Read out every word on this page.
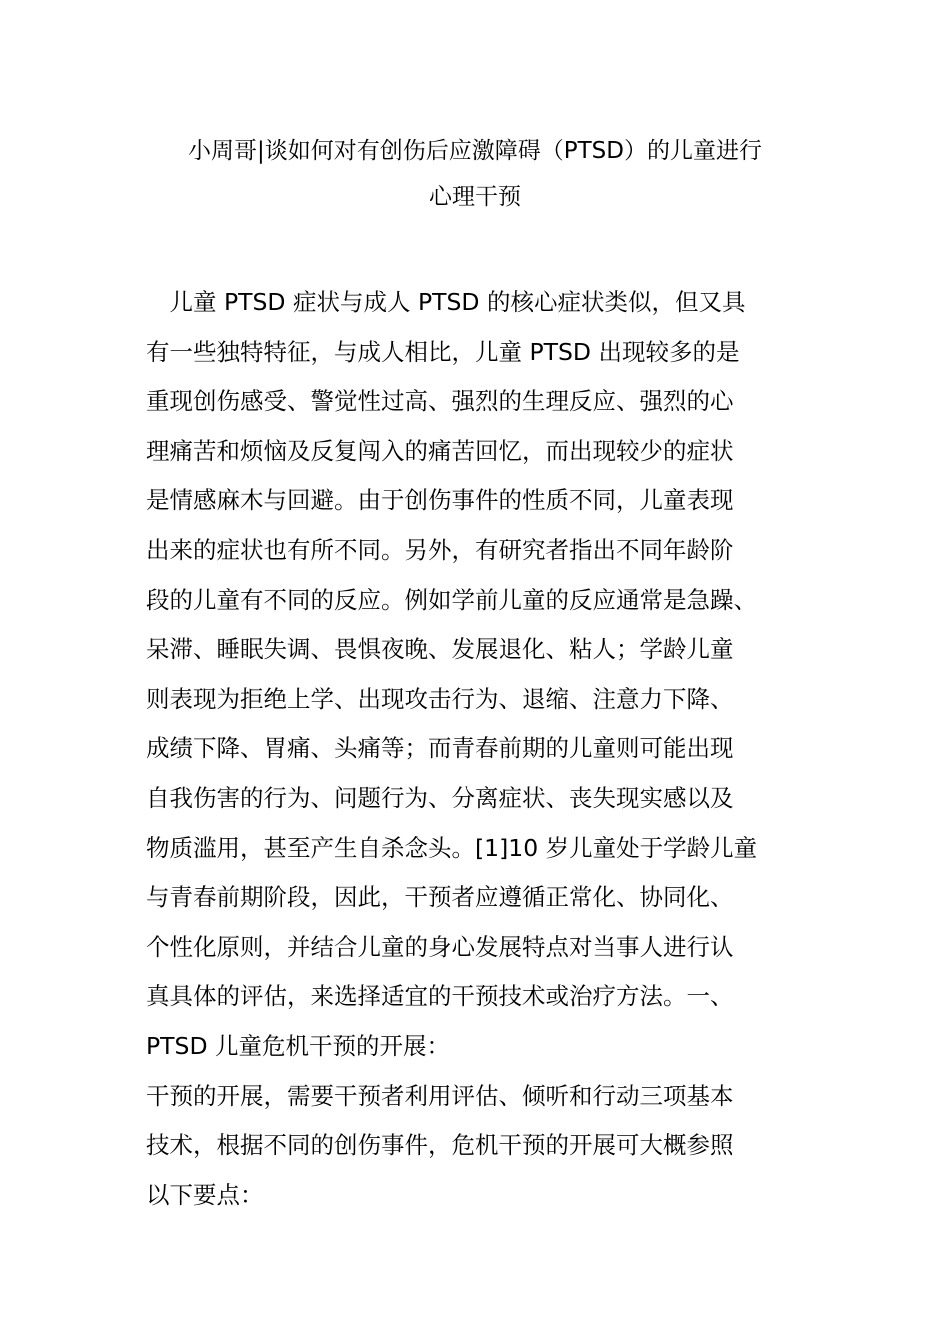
小周哥|谈如何对有创伤后应激障碍（PTSD）的儿童进行
心理干预
　儿童 PTSD 症状与成人 PTSD 的核心症状类似，但又具
有一些独特特征，与成人相比，儿童 PTSD 出现较多的是
重现创伤感受、警觉性过高、强烈的生理反应、强烈的心
理痛苦和烦恼及反复闯入的痛苦回忆，而出现较少的症状
是情感麻木与回避。由于创伤事件的性质不同，儿童表现
出来的症状也有所不同。另外，有研究者指出不同年龄阶
段的儿童有不同的反应。例如学前儿童的反应通常是急躁、
呆滞、睡眠失调、畏惧夜晚、发展退化、粘人；学龄儿童
则表现为拒绝上学、出现攻击行为、退缩、注意力下降、
成绩下降、胃痛、头痛等；而青春前期的儿童则可能出现
自我伤害的行为、问题行为、分离症状、丧失现实感以及
物质滥用，甚至产生自杀念头。[1]10 岁儿童处于学龄儿童
与青春前期阶段，因此，干预者应遵循正常化、协同化、
个性化原则，并结合儿童的身心发展特点对当事人进行认
真具体的评估，来选择适宜的干预技术或治疗方法。一、
PTSD 儿童危机干预的开展：
干预的开展，需要干预者利用评估、倾听和行动三项基本
技术，根据不同的创伤事件，危机干预的开展可大概参照
以下要点：
